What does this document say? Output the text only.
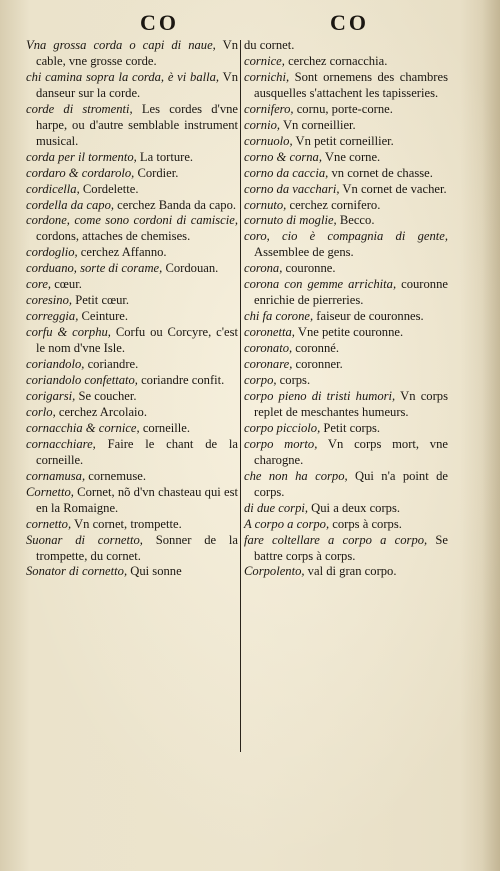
CO	CO

Vna grossa corda o capi di naue, Vn cable, vne grosse corde.

chi camina sopra la corda, è vi balla, Vn danseur sur la corde.

corde di stromenti, Les cordes d'vne harpe, ou d'autre semblable instrument musical.

corda per il tormento, La torture.

cordaro & cordarolo, Cordier.

cordicella, Cordelette.

cordella da capo, cerchez Banda da capo.

cordone, come sono cordoni di camiscie, cordons, attaches de chemises.

cordoglio, cerchez Affanno.

corduano, sorte di corame, Cordouan.

core, cœur.

coresino, Petit cœur.

correggia, Ceinture.

corfu & corphu, Corfu ou Corcyre, c'est le nom d'vne Isle.

coriandolo, coriandre.

coriandolo confettato, coriandre confit.

corigarsi, Se coucher.

corlo, cerchez Arcolaio.

cornacchia & cornice, corneille.

cornacchiare, Faire le chant de la corneille.

cornamusa, cornemuse.

Cornetto, Cornet, nõ d'vn chasteau qui est en la Romaigne.

cornetto, Vn cornet, trompette.

Suonar di cornetto, Sonner de la trompette, du cornet.

Sonator di cornetto, Qui sonne

du cornet.

cornice, cerchez cornacchia.

cornichi, Sont ornemens des chambres ausquelles s'attachent les tapisseries.

cornifero, cornu, porte-corne.

cornio, Vn corneillier.

cornuolo, Vn petit corneillier.

corno & corna, Vne corne.

corno da caccia, vn cornet de chasse.

corno da vacchari, Vn cornet de vacher.

cornuto, cerchez cornifero.

cornuto di moglie, Becco.

coro, cio è compagnia di gente, Assemblee de gens.

corona, couronne.

corona con gemme arrichita, couronne enrichie de pierreries.

chi fa corone, faiseur de couronnes.

coronetta, Vne petite couronne.

coronato, coronné.

coronare, coronner.

corpo, corps.

corpo pieno di tristi humori, Vn corps replet de meschantes humeurs.

corpo picciolo, Petit corps.

corpo morto, Vn corps mort, vne charogne.

che non ha corpo, Qui n'a point de corps.

di due corpi, Qui a deux corps.

A corpo a corpo, corps à corps.

fare coltellare a corpo a corpo, Se battre corps à corps.

Corpolento, val di gran corpo.
